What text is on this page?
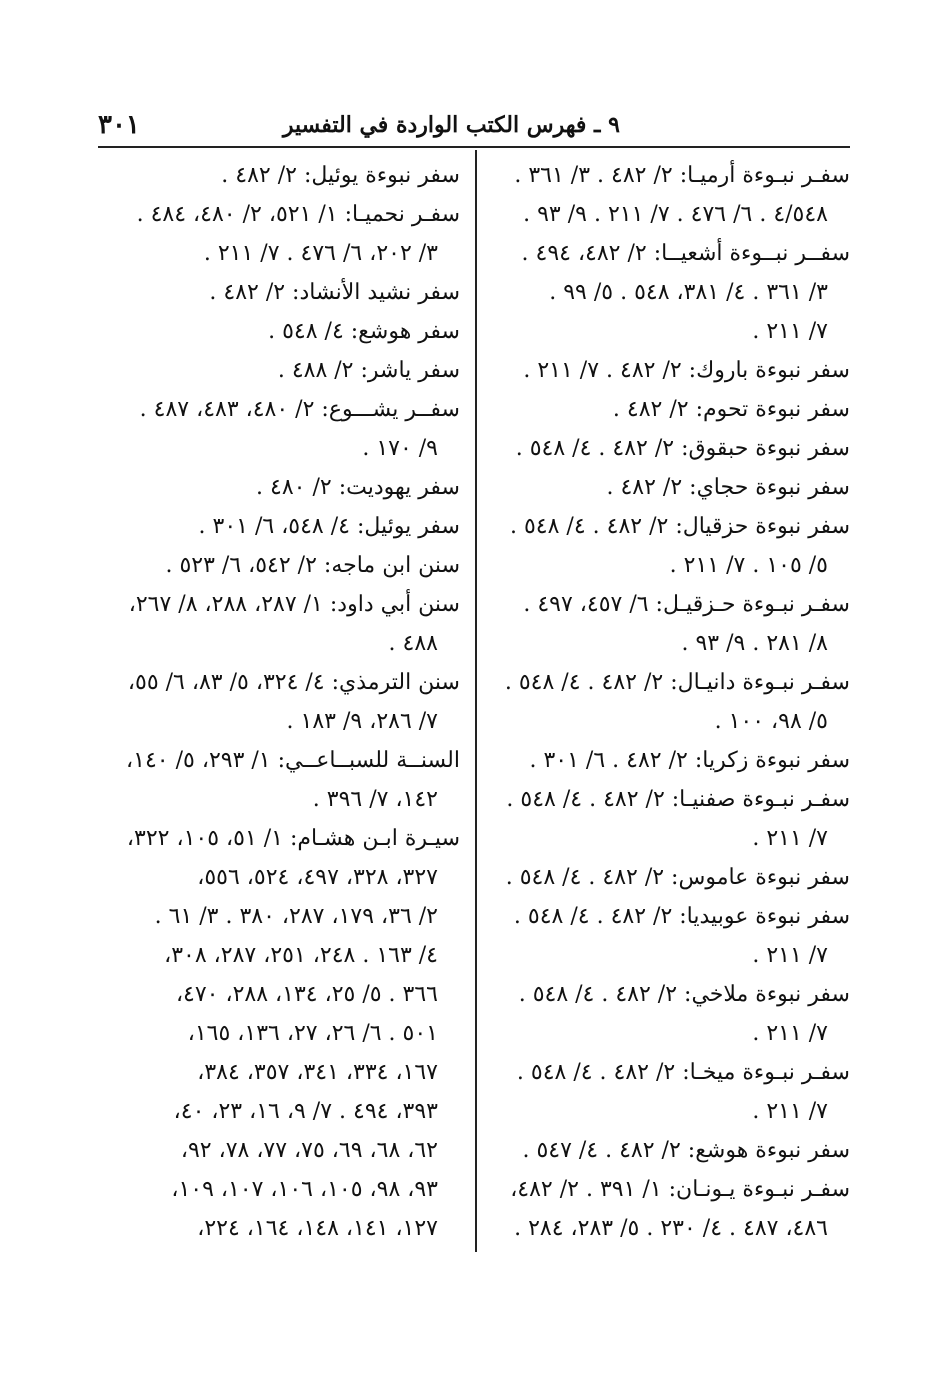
٣٠١	٩ ـ فهرس الكتب الواردة في التفسير
سفـر نبـوءة أرميـا: ٢/ ٤٨٢ . ٣/ ٣٦١ .
٤/٥٤٨ . ٦/ ٤٧٦ . ٧/ ٢١١ . ٩/ ٩٣ .
سفــر نبــوءة أشعيــا: ٢/ ٤٨٢، ٤٩٤ .
٣/ ٣٦١ . ٤/ ٣٨١، ٥٤٨ . ٥/ ٩٩ .
٧/ ٢١١ .
سفر نبوءة باروك: ٢/ ٤٨٢ . ٧/ ٢١١ .
سفر نبوءة تحوم: ٢/ ٤٨٢ .
سفر نبوءة حبقوق: ٢/ ٤٨٢ . ٤/ ٥٤٨ .
سفر نبوءة حجاي: ٢/ ٤٨٢ .
سفر نبوءة حزقيال: ٢/ ٤٨٢ . ٤/ ٥٤٨ .
٥/ ١٠٥ . ٧/ ٢١١ .
سفـر نبـوءة حـزقيـل: ٦/ ٤٥٧، ٤٩٧ .
٨/ ٢٨١ . ٩/ ٩٣ .
سفـر نبـوءة دانيـال: ٢/ ٤٨٢ . ٤/ ٥٤٨ .
٥/ ٩٨، ١٠٠ .
سفر نبوءة زكريا: ٢/ ٤٨٢ . ٦/ ٣٠١ .
سفـر نبـوءة صفنيـا: ٢/ ٤٨٢ . ٤/ ٥٤٨ .
٧/ ٢١١ .
سفر نبوءة عاموس: ٢/ ٤٨٢ . ٤/ ٥٤٨ .
سفر نبوءة عوبيديا: ٢/ ٤٨٢ . ٤/ ٥٤٨ .
٧/ ٢١١ .
سفر نبوءة ملاخي: ٢/ ٤٨٢ . ٤/ ٥٤٨ .
٧/ ٢١١ .
سفـر نبـوءة ميخـا: ٢/ ٤٨٢ . ٤/ ٥٤٨ .
٧/ ٢١١ .
سفر نبوءة هوشع: ٢/ ٤٨٢ . ٤/ ٥٤٧ .
سفـر نبـوءة يـونـان: ١/ ٣٩١ . ٢/ ٤٨٢،
٤٨٦، ٤٨٧ . ٤/ ٢٣٠ . ٥/ ٢٨٣، ٢٨٤ .
سفر نبوءة يوئيل: ٢/ ٤٨٢ .
سفـر نحميـا: ١/ ٥٢١، ٢/ ٤٨٠، ٤٨٤ .
٣/ ٢٠٢، ٦/ ٤٧٦ . ٧/ ٢١١ .
سفر نشيد الأنشاد: ٢/ ٤٨٢ .
سفر هوشع: ٤/ ٥٤٨ .
سفر ياشر: ٢/ ٤٨٨ .
سفــر يشـــوع: ٢/ ٤٨٠، ٤٨٣، ٤٨٧ .
٩/ ١٧٠ .
سفر يهوديت: ٢/ ٤٨٠ .
سفر يوئيل: ٤/ ٥٤٨، ٦/ ٣٠١ .
سنن ابن ماجه: ٢/ ٥٤٢، ٦/ ٥٢٣ .
سنن أبي داود: ١/ ٢٨٧، ٢٨٨، ٨/ ٢٦٧،
٤٨٨ .
سنن الترمذي: ٤/ ٣٢٤، ٥/ ٨٣، ٦/ ٥٥،
٧/ ٢٨٦، ٩/ ١٨٣ .
السنــة للسبــاعــي: ١/ ٢٩٣، ٥/ ١٤٠،
١٤٢، ٧/ ٣٩٦ .
سيـرة ابـن هشـام: ١/ ٥١، ١٠٥، ٣٢٢،
٣٢٧، ٣٢٨، ٤٩٧، ٥٢٤، ٥٥٦،
٢/ ٣٦، ١٧٩، ٢٨٧، ٣٨٠ . ٣/ ٦١ .
٤/ ١٦٣ . ٢٤٨، ٢٥١، ٢٨٧، ٣٠٨،
٣٦٦ . ٥/ ٢٥، ١٣٤، ٢٨٨، ٤٧٠،
٥٠١ . ٦/ ٢٦، ٢٧، ١٣٦، ١٦٥،
١٦٧، ٣٣٤، ٣٤١، ٣٥٧، ٣٨٤،
٣٩٣، ٤٩٤ . ٧/ ٩، ١٦، ٢٣، ٤٠،
٦٢، ٦٨، ٦٩، ٧٥، ٧٧، ٧٨، ٩٢،
٩٣، ٩٨، ١٠٥، ١٠٦، ١٠٧، ١٠٩،
١٢٧، ١٤١، ١٤٨، ١٦٤، ٢٢٤،
